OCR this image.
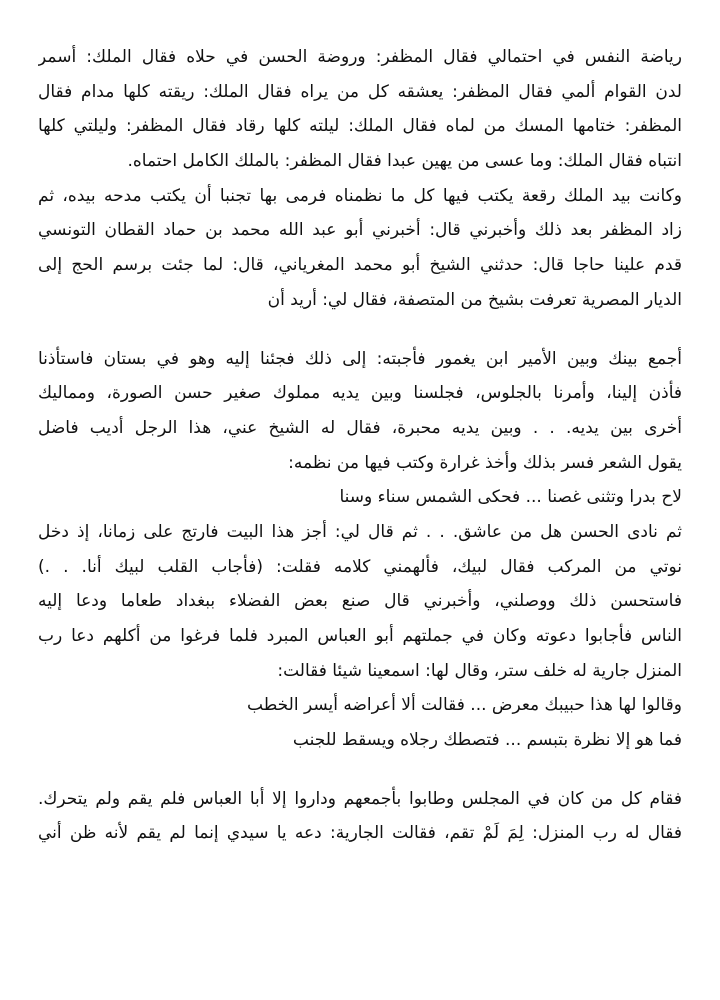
رياضة النفس في احتمالي فقال المظفر: وروضة الحسن في حلاه فقال الملك: أسمر
لدن القوام ألمي فقال المظفر: يعشقه كل من يراه فقال الملك: ريقته كلها مدام فقال
المظفر: ختامها المسك من لماه فقال الملك: ليلته كلها رقاد فقال المظفر: وليلتي كلها
انتباه فقال الملك: وما عسى من يهين عبدا فقال المظفر: بالملك الكامل احتماه.
وكانت بيد الملك رقعة يكتب فيها كل ما نظمناه فرمى بها تجنبا أن يكتب مدحه بيده، ثم
زاد المظفر بعد ذلك وأخبرني قال: أخبرني أبو عبد الله محمد بن حماد القطان التونسي
قدم علينا حاجا قال: حدثني الشيخ أبو محمد المغرياني، قال: لما جئت برسم الحج إلى
الديار المصرية تعرفت بشيخ من المتصفة، فقال لي: أريد أن
أجمع بينك وبين الأمير ابن يغمور فأجبته: إلى ذلك فجئنا إليه وهو في بستان فاستأذنا
فأذن إلينا، وأمرنا بالجلوس، فجلسنا وبين يديه مملوك صغير حسن الصورة، ومماليك
أخرى بين يديه. . . وبين يديه محبرة، فقال له الشيخ عني، هذا الرجل أديب فاضل
يقول الشعر فسر بذلك وأخذ غرارة وكتب فيها من نظمه:
لاح بدرا وتثنى غصنا ... فحكى الشمس سناء وسنا
ثم نادى الحسن هل من عاشق. . . ثم قال لي: أجز هذا البيت فارتج على زمانا، إذ دخل
نوتي من المركب فقال لبيك، فألهمني كلامه فقلت: (فأجاب القلب لبيك أنا. . .)
فاستحسن ذلك ووصلني، وأخبرني قال صنع بعض الفضلاء ببغداد طعاما ودعا إليه
الناس فأجابوا دعوته وكان في جملتهم أبو العباس المبرد فلما فرغوا من أكلهم دعا رب
المنزل جارية له خلف ستر، وقال لها: اسمعينا شيئا فقالت:
وقالوا لها هذا حبيبك معرض ... فقالت ألا أعراضه أيسر الخطب
فما هو إلا نظرة بتبسم ... فتصطك رجلاه ويسقط للجنب
فقام كل من كان في المجلس وطابوا بأجمعهم وداروا إلا أبا العباس فلم يقم ولم يتحرك.
فقال له رب المنزل: لِمَ لَمْ تقم، فقالت الجارية: دعه يا سيدي إنما لم يقم لأنه ظن أني
